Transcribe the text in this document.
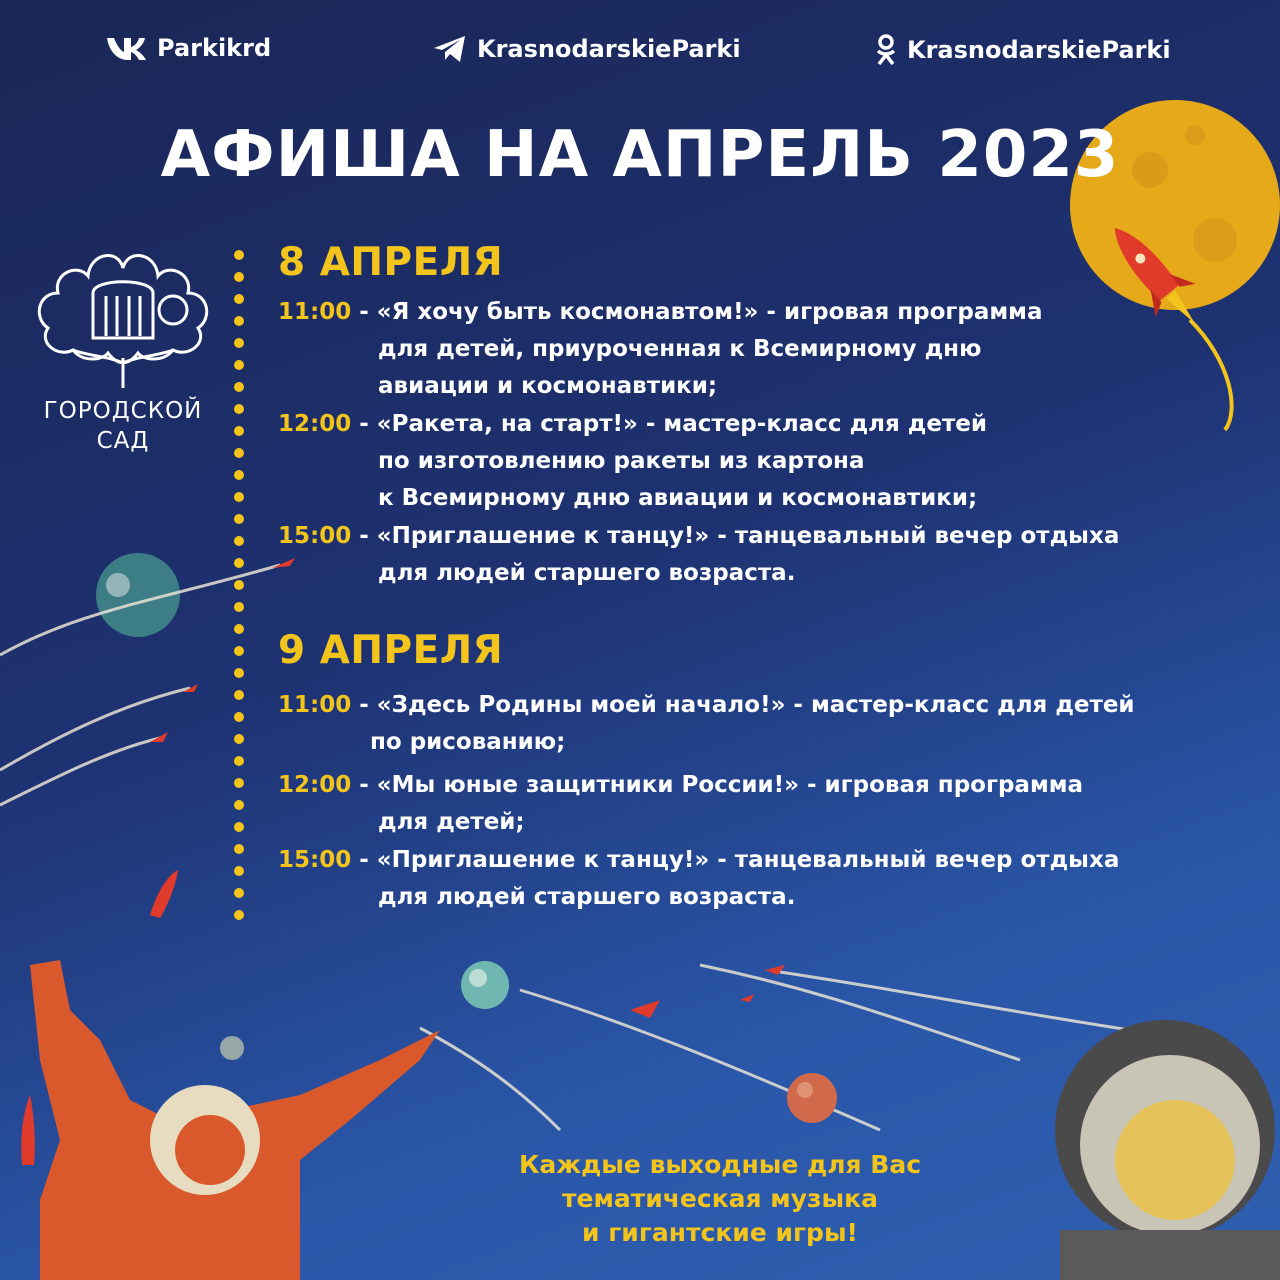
Parkikrd	KrasnodarskieParki	KrasnodarskieParki
АФИША НА АПРЕЛЬ 2023
ГОРОДСКОЙ
САД
8 АПРЕЛЯ
11:00 - «Я хочу быть космонавтом!» - игровая программа
для детей, приуроченная к Всемирному дню
авиации и космонавтики;
12:00 - «Ракета, на старт!» - мастер-класс для детей
по изготовлению ракеты из картона
к Всемирному дню авиации и космонавтики;
15:00 - «Приглашение к танцу!» - танцевальный вечер отдыха
для людей старшего возраста.
9 АПРЕЛЯ
11:00 - «Здесь Родины моей начало!» - мастер-класс для детей
по рисованию;
12:00 - «Мы юные защитники России!» - игровая программа
для детей;
15:00 - «Приглашение к танцу!» - танцевальный вечер отдыха
для людей старшего возраста.
Каждые выходные для Вас
тематическая музыка
и гигантские игры!
